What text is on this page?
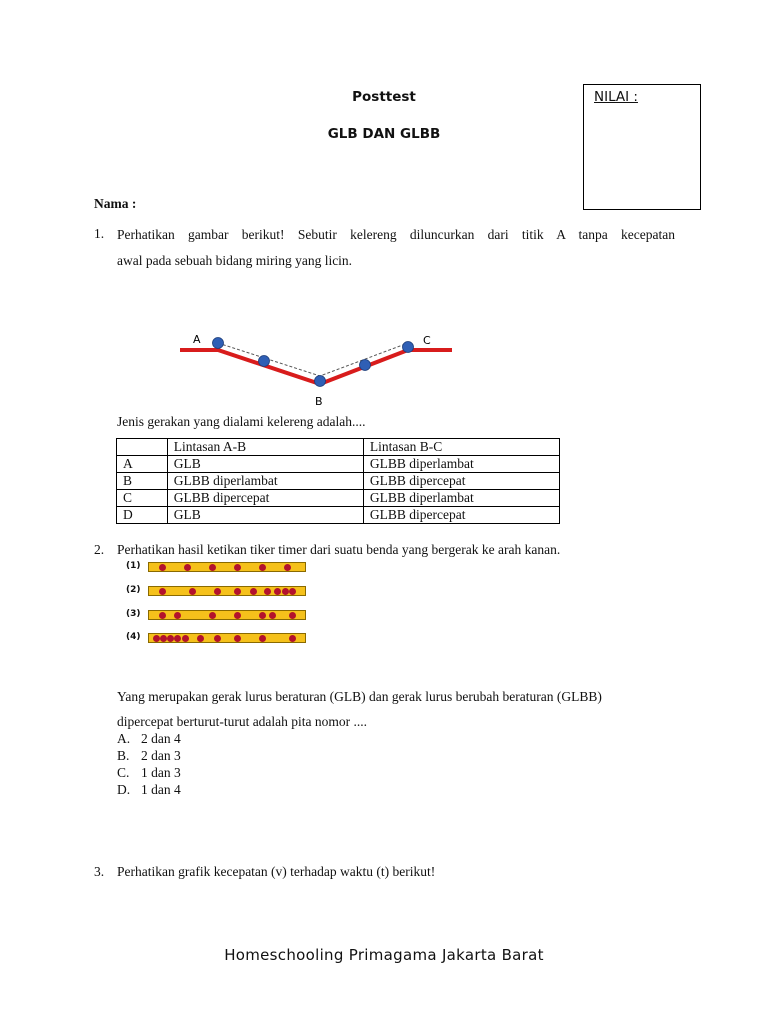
Posttest
GLB DAN GLBB
NILAI :
Nama :
1. Perhatikan gambar berikut! Sebutir kelereng diluncurkan dari titik A tanpa kecepatan
awal pada sebuah bidang miring yang licin.
A
B
C
Jenis gerakan yang dialami kelereng adalah....
	Lintasan A-B	Lintasan B-C
A	GLB	GLBB diperlambat
B	GLBB diperlambat	GLBB dipercepat
C	GLBB dipercepat	GLBB diperlambat
D	GLB	GLBB dipercepat
2. Perhatikan hasil ketikan tiker timer dari suatu benda yang bergerak ke arah kanan.
(1)
(2)
(3)
(4)
Yang merupakan gerak lurus beraturan (GLB) dan gerak lurus berubah beraturan (GLBB)
dipercepat berturut-turut adalah pita nomor ....
A. 2 dan 4
B. 2 dan 3
C. 1 dan 3
D. 1 dan 4
3. Perhatikan grafik kecepatan (v) terhadap waktu (t) berikut!
Homeschooling Primagama Jakarta Barat
